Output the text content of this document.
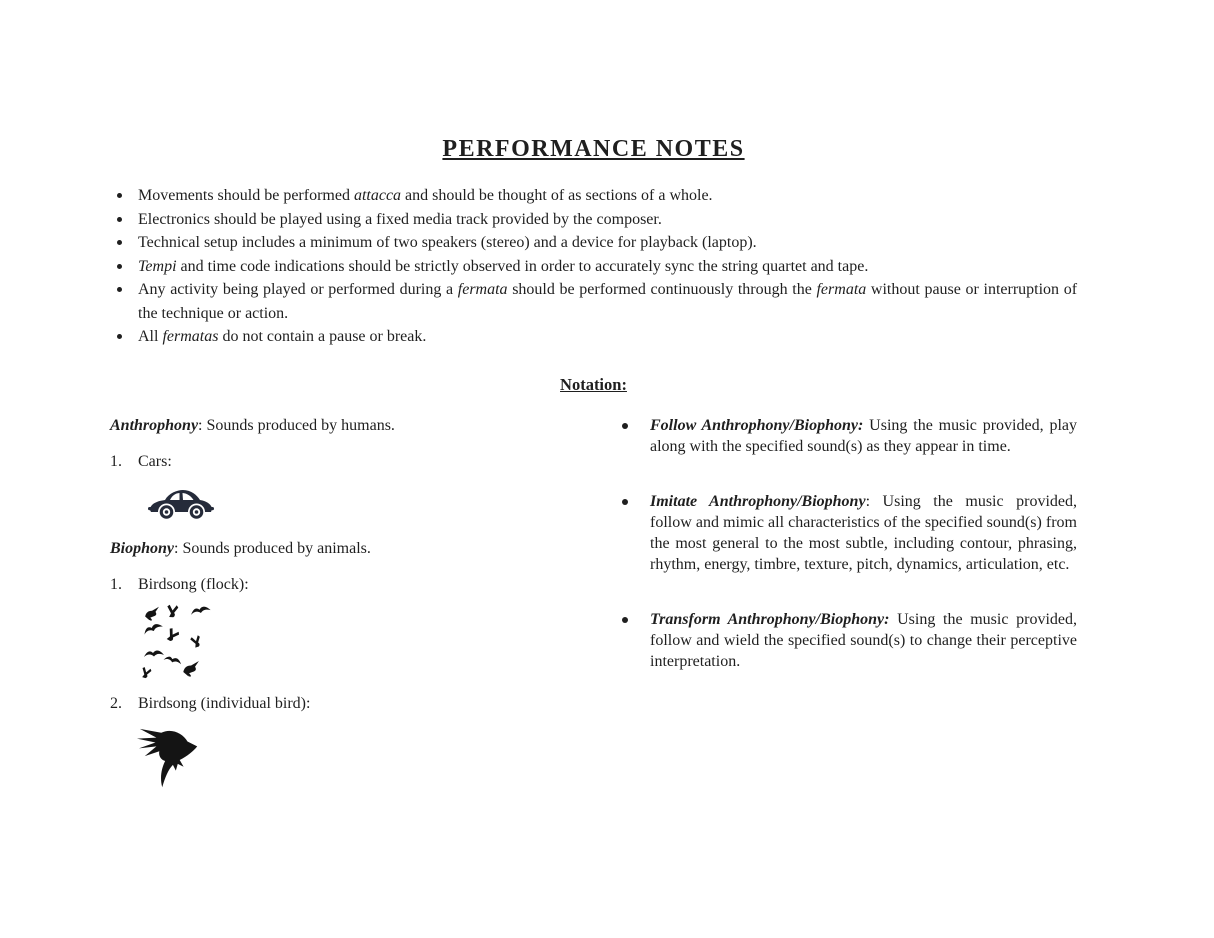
PERFORMANCE NOTES
Movements should be performed attacca and should be thought of as sections of a whole.
Electronics should be played using a fixed media track provided by the composer.
Technical setup includes a minimum of two speakers (stereo) and a device for playback (laptop).
Tempi and time code indications should be strictly observed in order to accurately sync the string quartet and tape.
Any activity being played or performed during a fermata should be performed continuously through the fermata without pause or interruption of the technique or action.
All fermatas do not contain a pause or break.
Notation:

Anthrophony: Sounds produced by humans.

1.	Cars:

Biophony: Sounds produced by animals.

1.	Birdsong (flock):
2.	Birdsong (individual bird):
Follow Anthrophony/Biophony: Using the music provided, play along with the specified sound(s) as they appear in time.
Imitate Anthrophony/Biophony: Using the music provided, follow and mimic all characteristics of the specified sound(s) from the most general to the most subtle, including contour, phrasing, rhythm, energy, timbre, texture, pitch, dynamics, articulation, etc.
Transform Anthrophony/Biophony: Using the music provided, follow and wield the specified sound(s) to change their perceptive interpretation.
